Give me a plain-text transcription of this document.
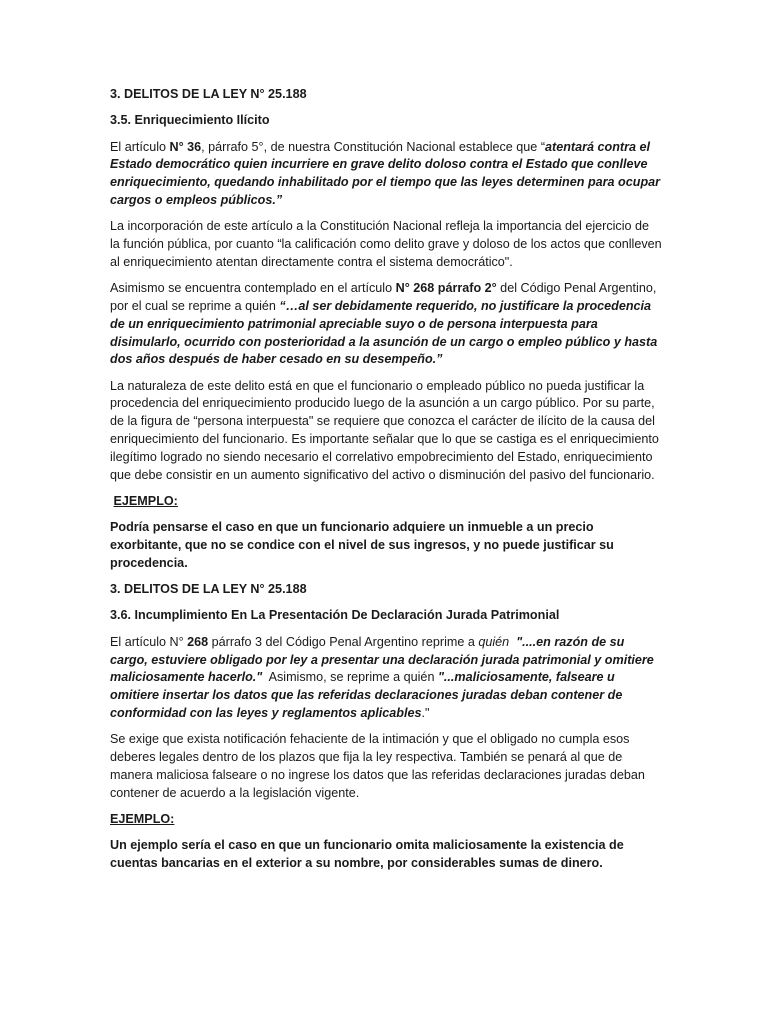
3. DELITOS DE LA LEY N° 25.188

3.5. Enriquecimiento Ilícito

El artículo N° 36, párrafo 5°, de nuestra Constitución Nacional establece que “atentará contra el Estado democrático quien incurriere en grave delito doloso contra el Estado que conlleve enriquecimiento, quedando inhabilitado por el tiempo que las leyes determinen para ocupar cargos o empleos públicos.”

La incorporación de este artículo a la Constitución Nacional refleja la importancia del ejercicio de la función pública, por cuanto “la calificación como delito grave y doloso de los actos que conlleven al enriquecimiento atentan directamente contra el sistema democrático".

Asimismo se encuentra contemplado en el artículo N° 268 párrafo 2° del Código Penal Argentino, por el cual se reprime a quién “…al ser debidamente requerido, no justificare la procedencia de un enriquecimiento patrimonial apreciable suyo o de persona interpuesta para disimularlo, ocurrido con posterioridad a la asunción de un cargo o empleo público y hasta dos años después de haber cesado en su desempeño.”

La naturaleza de este delito está en que el funcionario o empleado público no pueda justificar la procedencia del enriquecimiento producido luego de la asunción a un cargo público. Por su parte, de la figura de “persona interpuesta" se requiere que conozca el carácter de ilícito de la causa del enriquecimiento del funcionario. Es importante señalar que lo que se castiga es el enriquecimiento ilegítimo logrado no siendo necesario el correlativo empobrecimiento del Estado, enriquecimiento que debe consistir en un aumento significativo del activo o disminución del pasivo del funcionario.

EJEMPLO:

Podría pensarse el caso en que un funcionario adquiere un inmueble a un precio exorbitante, que no se condice con el nivel de sus ingresos, y no puede justificar su procedencia.

3. DELITOS DE LA LEY N° 25.188

3.6. Incumplimiento En La Presentación De Declaración Jurada Patrimonial

El artículo N° 268 párrafo 3 del Código Penal Argentino reprime a quién "....en razón de su cargo, estuviere obligado por ley a presentar una declaración jurada patrimonial y omitiere maliciosamente hacerlo."  Asimismo, se reprime a quién "...maliciosamente, falseare u omitiere insertar los datos que las referidas declaraciones juradas deban contener de conformidad con las leyes y reglamentos aplicables."

Se exige que exista notificación fehaciente de la intimación y que el obligado no cumpla esos deberes legales dentro de los plazos que fija la ley respectiva. También se penará al que de manera maliciosa falseare o no ingrese los datos que las referidas declaraciones juradas deban contener de acuerdo a la legislación vigente.

EJEMPLO:

Un ejemplo sería el caso en que un funcionario omita maliciosamente la existencia de cuentas bancarias en el exterior a su nombre, por considerables sumas de dinero.
